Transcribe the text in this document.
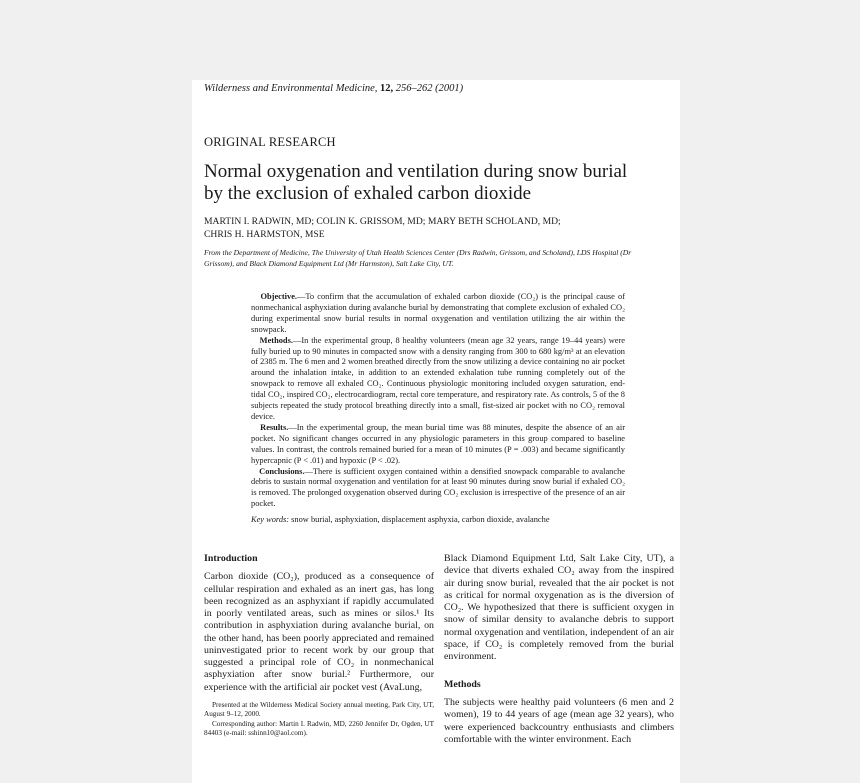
Wilderness and Environmental Medicine, 12, 256–262 (2001)
ORIGINAL RESEARCH
Normal oxygenation and ventilation during snow burial
by the exclusion of exhaled carbon dioxide
MARTIN I. RADWIN, MD; COLIN K. GRISSOM, MD; MARY BETH SCHOLAND, MD;
CHRIS H. HARMSTON, MSE
From the Department of Medicine, The University of Utah Health Sciences Center (Drs Radwin, Grissom, and Scholand), LDS Hospital (Dr
Grissom), and Black Diamond Equipment Ltd (Mr Harmston), Salt Lake City, UT.

Objective.—To confirm that the accumulation of exhaled carbon dioxide (CO₂) is the principal cause of nonmechanical asphyxiation during avalanche burial by demonstrating that complete exclusion of exhaled CO₂ during experimental snow burial results in normal oxygenation and ventilation utilizing the air within the snowpack.

Methods.—In the experimental group, 8 healthy volunteers (mean age 32 years, range 19–44 years) were fully buried up to 90 minutes in compacted snow with a density ranging from 300 to 680 kg/m³ at an elevation of 2385 m. The 6 men and 2 women breathed directly from the snow utilizing a device containing no air pocket around the inhalation intake, in addition to an extended exhalation tube running completely out of the snowpack to remove all exhaled CO₂. Continuous physiologic monitoring included oxygen saturation, end-tidal CO₂, inspired CO₂, electrocardiogram, rectal core temperature, and respiratory rate. As controls, 5 of the 8 subjects repeated the study protocol breathing directly into a small, fist-sized air pocket with no CO₂ removal device.

Results.—In the experimental group, the mean burial time was 88 minutes, despite the absence of an air pocket. No significant changes occurred in any physiologic parameters in this group compared to baseline values. In contrast, the controls remained buried for a mean of 10 minutes (P = .003) and became significantly hypercapnic (P < .01) and hypoxic (P < .02).

Conclusions.—There is sufficient oxygen contained within a densified snowpack comparable to avalanche debris to sustain normal oxygenation and ventilation for at least 90 minutes during snow burial if exhaled CO₂ is removed. The prolonged oxygenation observed during CO₂ exclusion is irrespective of the presence of an air pocket.

Key words: snow burial, asphyxiation, displacement asphyxia, carbon dioxide, avalanche

Introduction

Carbon dioxide (CO₂), produced as a consequence of cellular respiration and exhaled as an inert gas, has long been recognized as an asphyxiant if rapidly accumulated in poorly ventilated areas, such as mines or silos.¹ Its contribution in asphyxiation during avalanche burial, on the other hand, has been poorly appreciated and remained uninvestigated prior to recent work by our group that suggested a principal role of CO₂ in nonmechanical asphyxiation after snow burial.² Furthermore, our experience with the artificial air pocket vest (AvaLung,

Black Diamond Equipment Ltd, Salt Lake City, UT), a device that diverts exhaled CO₂ away from the inspired air during snow burial, revealed that the air pocket is not as critical for normal oxygenation as is the diversion of CO₂. We hypothesized that there is sufficient oxygen in snow of similar density to avalanche debris to support normal oxygenation and ventilation, independent of an air space, if CO₂ is completely removed from the burial environment.

Methods
The subjects were healthy paid volunteers (6 men and 2 women), 19 to 44 years of age (mean age 32 years), who were experienced backcountry enthusiasts and climbers comfortable with the winter environment. Each

Presented at the Wilderness Medical Society annual meeting, Park City, UT, August 9–12, 2000.

Corresponding author: Martin I. Radwin, MD, 2260 Jennifer Dr, Ogden, UT 84403 (e-mail: sshinn10@aol.com).
